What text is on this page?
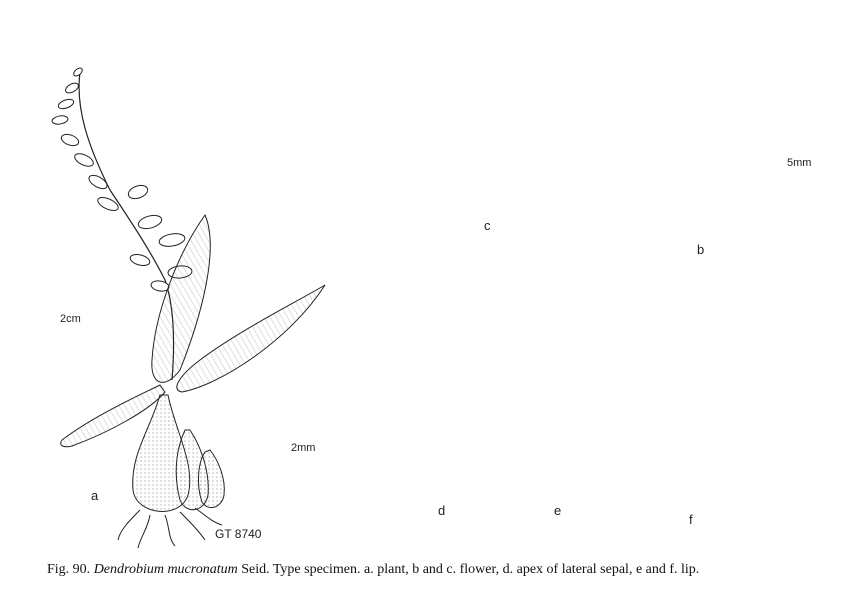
a
b
c
d	e
f
2cm
5mm
2mm
GT 8740
Fig. 90. Dendrobium mucronatum Seid. Type specimen. a. plant, b and c. flower, d. apex of lateral sepal, e and f. lip.
